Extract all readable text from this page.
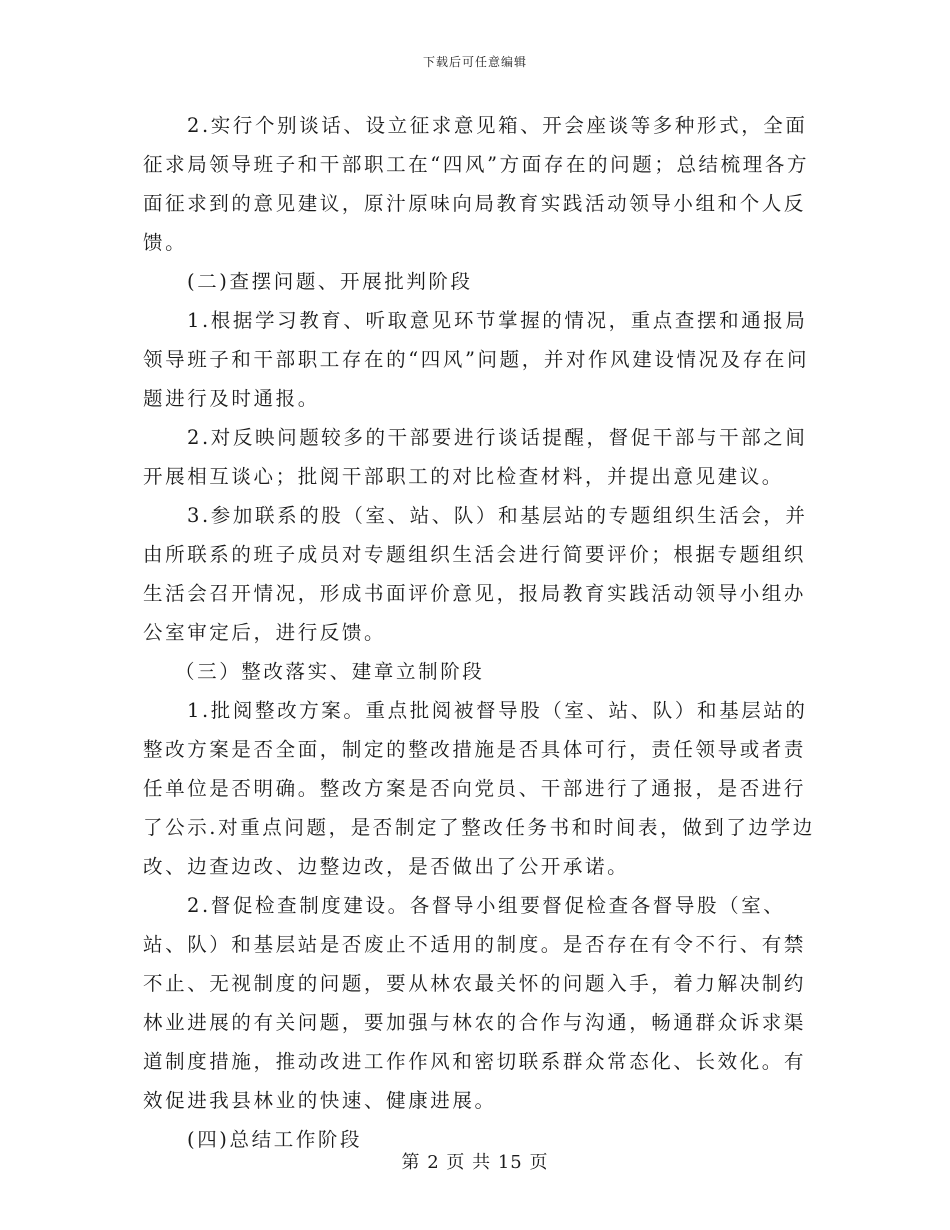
下载后可任意编辑

2.实行个别谈话、设立征求意见箱、开会座谈等多种形式，全面征求局领导班子和干部职工在“四风”方面存在的问题；总结梳理各方面征求到的意见建议，原汁原味向局教育实践活动领导小组和个人反馈。

(二)查摆问题、开展批判阶段

1.根据学习教育、听取意见环节掌握的情况，重点查摆和通报局领导班子和干部职工存在的“四风”问题，并对作风建设情况及存在问题进行及时通报。

2.对反映问题较多的干部要进行谈话提醒，督促干部与干部之间开展相互谈心；批阅干部职工的对比检查材料，并提出意见建议。

3.参加联系的股（室、站、队）和基层站的专题组织生活会，并由所联系的班子成员对专题组织生活会进行简要评价；根据专题组织生活会召开情况，形成书面评价意见，报局教育实践活动领导小组办公室审定后，进行反馈。

（三）整改落实、建章立制阶段

1.批阅整改方案。重点批阅被督导股（室、站、队）和基层站的整改方案是否全面，制定的整改措施是否具体可行，责任领导或者责任单位是否明确。整改方案是否向党员、干部进行了通报，是否进行了公示.对重点问题，是否制定了整改任务书和时间表，做到了边学边改、边查边改、边整边改，是否做出了公开承诺。

2.督促检查制度建设。各督导小组要督促检查各督导股（室、站、队）和基层站是否废止不适用的制度。是否存在有令不行、有禁不止、无视制度的问题，要从林农最关怀的问题入手，着力解决制约林业进展的有关问题，要加强与林农的合作与沟通，畅通群众诉求渠道制度措施，推动改进工作作风和密切联系群众常态化、长效化。有效促进我县林业的快速、健康进展。

(四)总结工作阶段

第 2 页 共 15 页
